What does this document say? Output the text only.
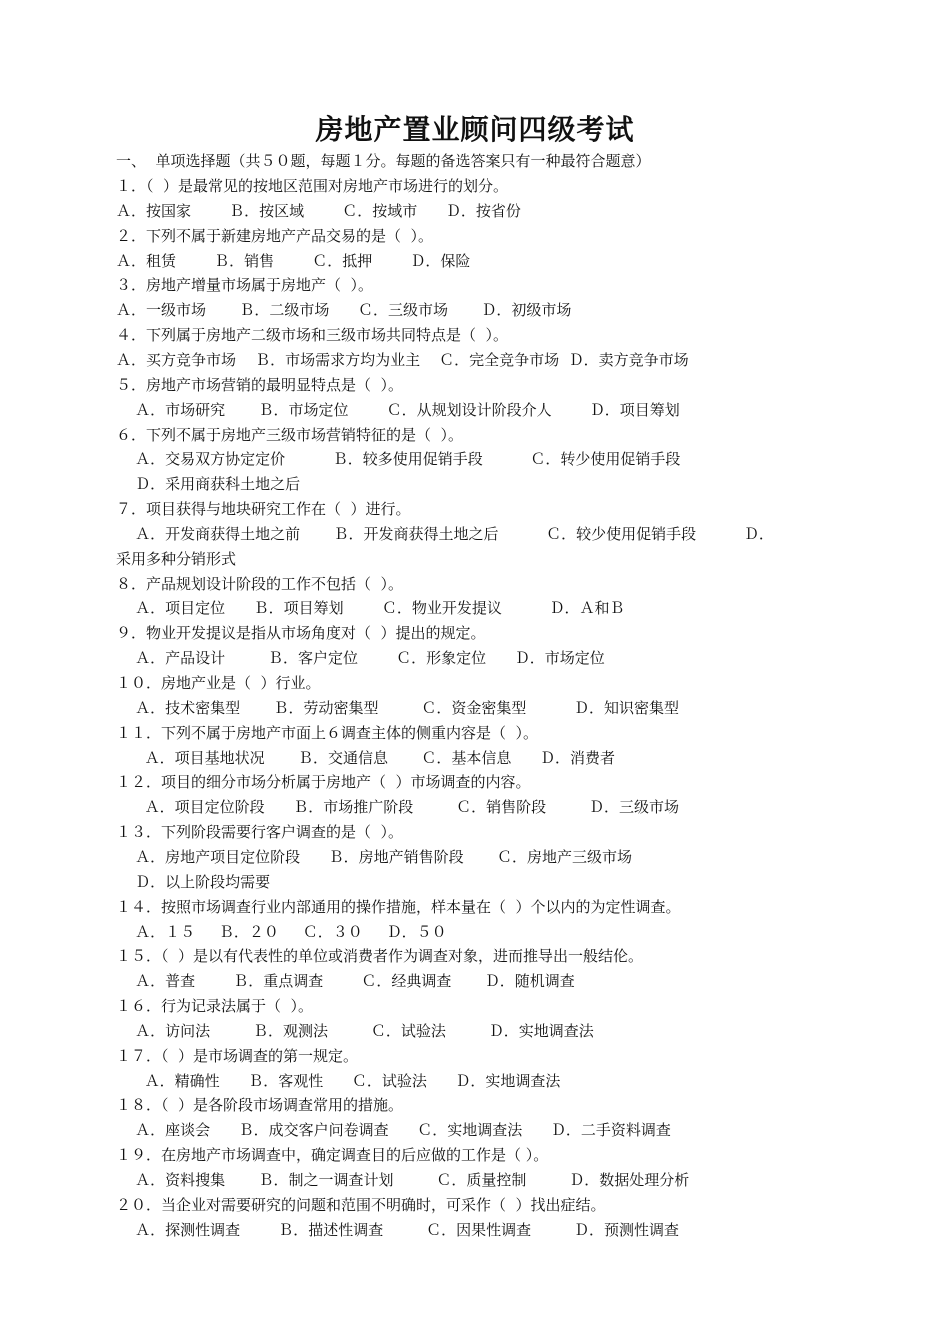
房地产置业顾问四级考试
一、  单项选择题（共５０题，每题１分。每题的备选答案只有一种最符合题意）
１．（  ）是最常见的按地区范围对房地产市场进行的划分。
Ａ．按国家        Ｂ．按区域        Ｃ．按域市      Ｄ．按省份
２．下列不属于新建房地产产品交易的是（  ）。
Ａ．租赁        Ｂ．销售        Ｃ．抵押        Ｄ．保险
３．房地产增量市场属于房地产（  ）。
Ａ．一级市场       Ｂ．二级市场      Ｃ．三级市场       Ｄ．初级市场
４．下列属于房地产二级市场和三级市场共同特点是（  ）。
Ａ．买方竞争市场    Ｂ．市场需求方均为业主    Ｃ．完全竞争市场  Ｄ．卖方竞争市场
５．房地产市场营销的最明显特点是（  ）。
Ａ．市场研究       Ｂ．市场定位        Ｃ．从规划设计阶段介人        Ｄ．项目筹划
６．下列不属于房地产三级市场营销特征的是（  ）。
Ａ．交易双方协定定价          Ｂ．较多使用促销手段          Ｃ．转少使用促销手段
Ｄ．采用商获科土地之后
７．项目获得与地块研究工作在（  ）进行。
Ａ．开发商获得土地之前       Ｂ．开发商获得土地之后          Ｃ．较少使用促销手段          Ｄ．
采用多种分销形式
８．产品规划设计阶段的工作不包括（  ）。
Ａ．项目定位      Ｂ．项目筹划        Ｃ．物业开发提议          Ｄ．Ａ和Ｂ
９．物业开发提议是指从市场角度对（  ）提出的规定。
Ａ．产品设计         Ｂ．客户定位        Ｃ．形象定位      Ｄ．市场定位
１０．房地产业是（  ）行业。
Ａ．技术密集型       Ｂ．劳动密集型         Ｃ．资金密集型          Ｄ．知识密集型
１１．下列不属于房地产市面上６调查主体的侧重内容是（  ）。
Ａ．项目基地状况       Ｂ．交通信息       Ｃ．基本信息      Ｄ．消费者
１２．项目的细分市场分析属于房地产（  ）市场调查的内容。
Ａ．项目定位阶段      Ｂ．市场推广阶段         Ｃ．销售阶段         Ｄ．三级市场
１３．下列阶段需要行客户调查的是（  ）。
Ａ．房地产项目定位阶段      Ｂ．房地产销售阶段       Ｃ．房地产三级市场
Ｄ．以上阶段均需要
１４．按照市场调查行业内部通用的操作措施，样本量在（  ）个以内的为定性调查。
Ａ．１５     Ｂ．２０     Ｃ．３０     Ｄ．５０
１５．（  ）是以有代表性的单位或消费者作为调查对象，进而推导出一般结伦。
Ａ．普查        Ｂ．重点调查        Ｃ．经典调查       Ｄ．随机调查
１６．行为记录法属于（  ）。
Ａ．访问法         Ｂ．观测法         Ｃ．试验法         Ｄ．实地调查法
１７．（  ）是市场调查的第一规定。
Ａ．精确性      Ｂ．客观性      Ｃ．试验法      Ｄ．实地调查法
１８．（  ）是各阶段市场调查常用的措施。
Ａ．座谈会      Ｂ．成交客户问卷调查      Ｃ．实地调查法      Ｄ．二手资料调查
１９．在房地产市场调查中，确定调查目的后应做的工作是（ ）。
Ａ．资料搜集       Ｂ．制之一调查计划         Ｃ．质量控制         Ｄ．数据处理分析
２０．当企业对需要研究的问题和范围不明确时，可采作（  ）找出症结。
Ａ．探测性调查        Ｂ．描述性调查         Ｃ．因果性调查         Ｄ．预测性调查
